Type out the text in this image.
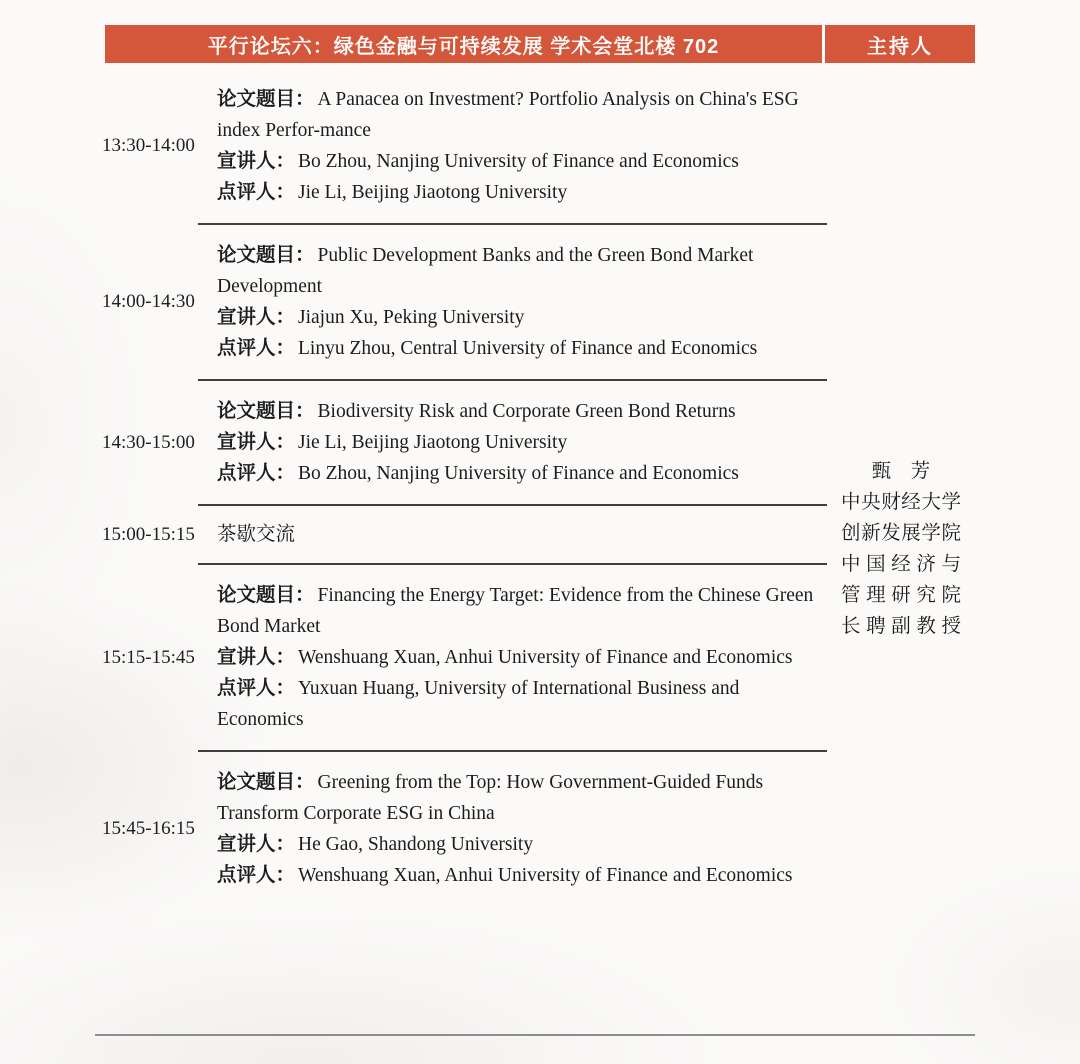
平行论坛六：绿色金融与可持续发展 学术会堂北楼 702	主持人
13:30-14:00
论文题目： A Panacea on Investment? Portfolio Analysis on China's ESG index Perfor-mance
宣讲人： Bo Zhou, Nanjing University of Finance and Economics
点评人： Jie Li, Beijing Jiaotong University
14:00-14:30
论文题目： Public Development Banks and the Green Bond Market Development
宣讲人： Jiajun Xu, Peking University
点评人： Linyu Zhou, Central University of Finance and Economics
14:30-15:00
论文题目： Biodiversity Risk and Corporate Green Bond Returns
宣讲人： Jie Li, Beijing Jiaotong University
点评人： Bo Zhou, Nanjing University of Finance and Economics
15:00-15:15	茶歇交流
15:15-15:45
论文题目： Financing the Energy Target: Evidence from the Chinese Green Bond Market
宣讲人： Wenshuang Xuan, Anhui University of Finance and Economics
点评人： Yuxuan Huang, University of International Business and Economics
15:45-16:15
论文题目： Greening from the Top: How Government-Guided Funds Transform Corporate ESG in China
宣讲人： He Gao, Shandong University
点评人： Wenshuang Xuan, Anhui University of Finance and Economics
甄　芳
中央财经大学
创新发展学院
中国经济与
管理研究院
长聘副教授
